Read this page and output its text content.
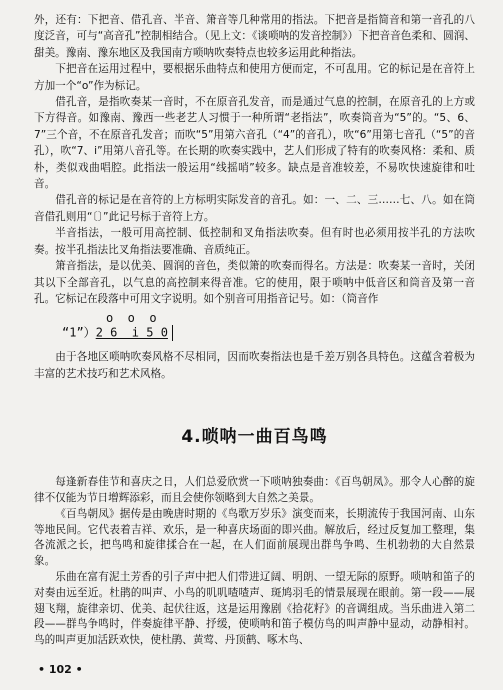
外，还有：下把音、借孔音、半音、箫音等几种常用的指法。下把音是指简音和第一音孔的八度泛音，可与“高音孔”控制相结合。（见上文：《谈唢呐的发音控制》）下把音音色柔和、圆润、甜美。豫南、豫东地区及我国南方唢呐吹奏特点也较多运用此种指法。

下把音在运用过程中，要根据乐曲特点和使用方便而定，不可乱用。它的标记是在音符上方加一个“o”作为标记。

借孔音，是指吹奏某一音时，不在原音孔发音，而是通过气息的控制，在原音孔的上方或下方得音。如豫南、豫西一些老艺人习惯于一种所谓“老指法”，吹奏筒音为“5”的。“5、6、7”三个音，不在原音孔发音；而吹“5”用第六音孔（“4”的音孔），吹“6”用第七音孔（“5”的音孔），吹“7、i”用第八音孔等。在长期的吹奏实践中，艺人们形成了特有的吹奏风格：柔和、质朴，类似戏曲唱腔。此指法一般运用“线摇哨”较多。缺点是音准较差，不易吹快速旋律和吐音。

借孔音的标记是在音符的上方标明实际发音的音孔。如：一、二、三……七、八。如在筒音借孔则用“〔〕”此记号标于音符上方。

半音指法，一般可用高控制、低控制和叉角指法吹奏。但有时也必须用按半孔的方法吹奏。按半孔指法比叉角指法要准确、音质纯正。

箫音指法，是以优美、圆润的音色，类似箫的吹奏而得名。方法是：吹奏某一音时，关闭其以下全部音孔，以气息的高控制来得音准。它的使用，限于唢呐中低音区和筒音及第一音孔。它标记在段落中可用文字说明。如个别音可用指音记号。如：（筒音作

o  o  o
“1”）2 6  i 5 0

由于各地区唢呐吹奏风格不尽相同，因而吹奏指法也是千差万别各具特色。这蕴含着极为丰富的艺术技巧和艺术风格。

4.唢呐一曲百鸟鸣

每逢新春佳节和喜庆之日，人们总爱欣赏一下唢呐独奏曲：《百鸟朝凤》。那令人心醉的旋律不仅能为节日增辉添彩，而且会使你领略到大自然之美景。

《百鸟朝凤》据传是由晚唐时期的《鸟歌万岁乐》演变而来，长期流传于我国河南、山东等地民间。它代表着吉祥、欢乐，是一种喜庆场面的即兴曲。解放后，经过反复加工整理，集各流派之长，把鸟鸣和旋律揉合在一起，在人们面前展现出群鸟争鸣、生机勃勃的大自然景象。

乐曲在富有泥土芳香的引子声中把人们带进辽阔、明朗、一望无际的原野。唢呐和笛子的对奏由远至近。杜鹃的叫声、小鸟的叽叽喳喳声、斑鸠羽毛的情景展现在眼前。第一段——展翅飞翔，旋律亲切、优美、起伏往返，这是运用豫剧《拾花籽》的音调组成。当乐曲进入第二段——群鸟争鸣时，伴奏旋律平静、抒缓，使唢呐和笛子模仿鸟的叫声静中显动，动静相衬。鸟的叫声更加活跃欢快，使杜鹃、黄莺、丹顶鹤、啄木鸟、

• 102 •
